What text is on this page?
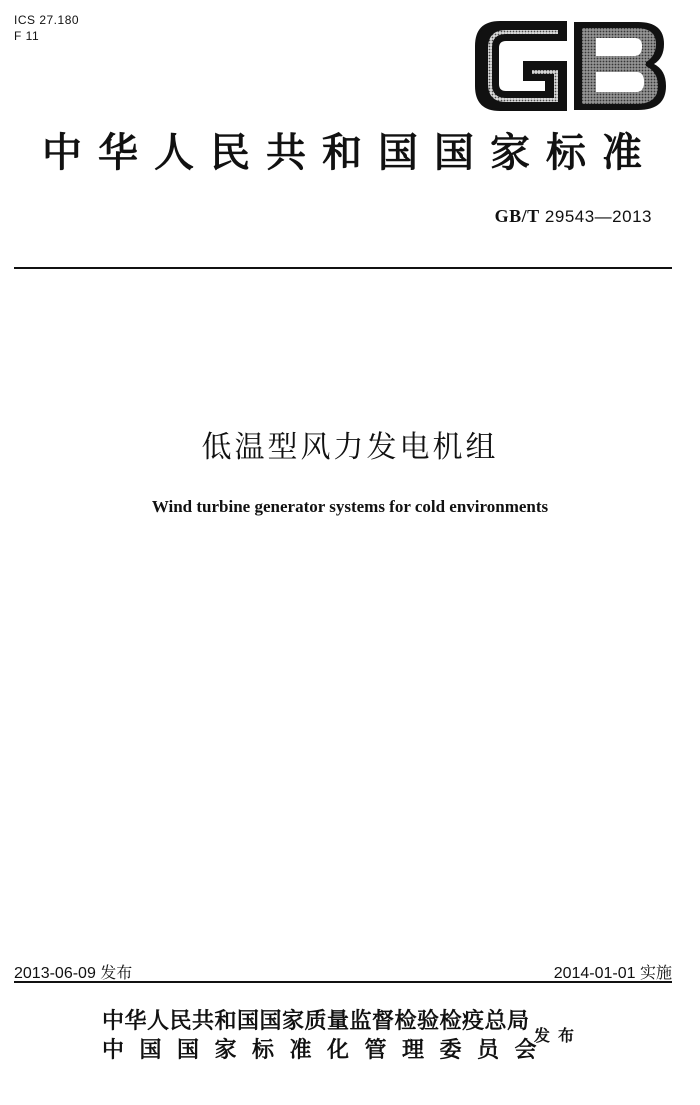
ICS 27.180
F 11
中华人民共和国国家标准
GB/T 29543—2013
低温型风力发电机组
Wind turbine generator systems for cold environments
2013-06-09 发布	2014-01-01 实施
中华人民共和国国家质量监督检验检疫总局
中国国家标准化管理委员会
发布
